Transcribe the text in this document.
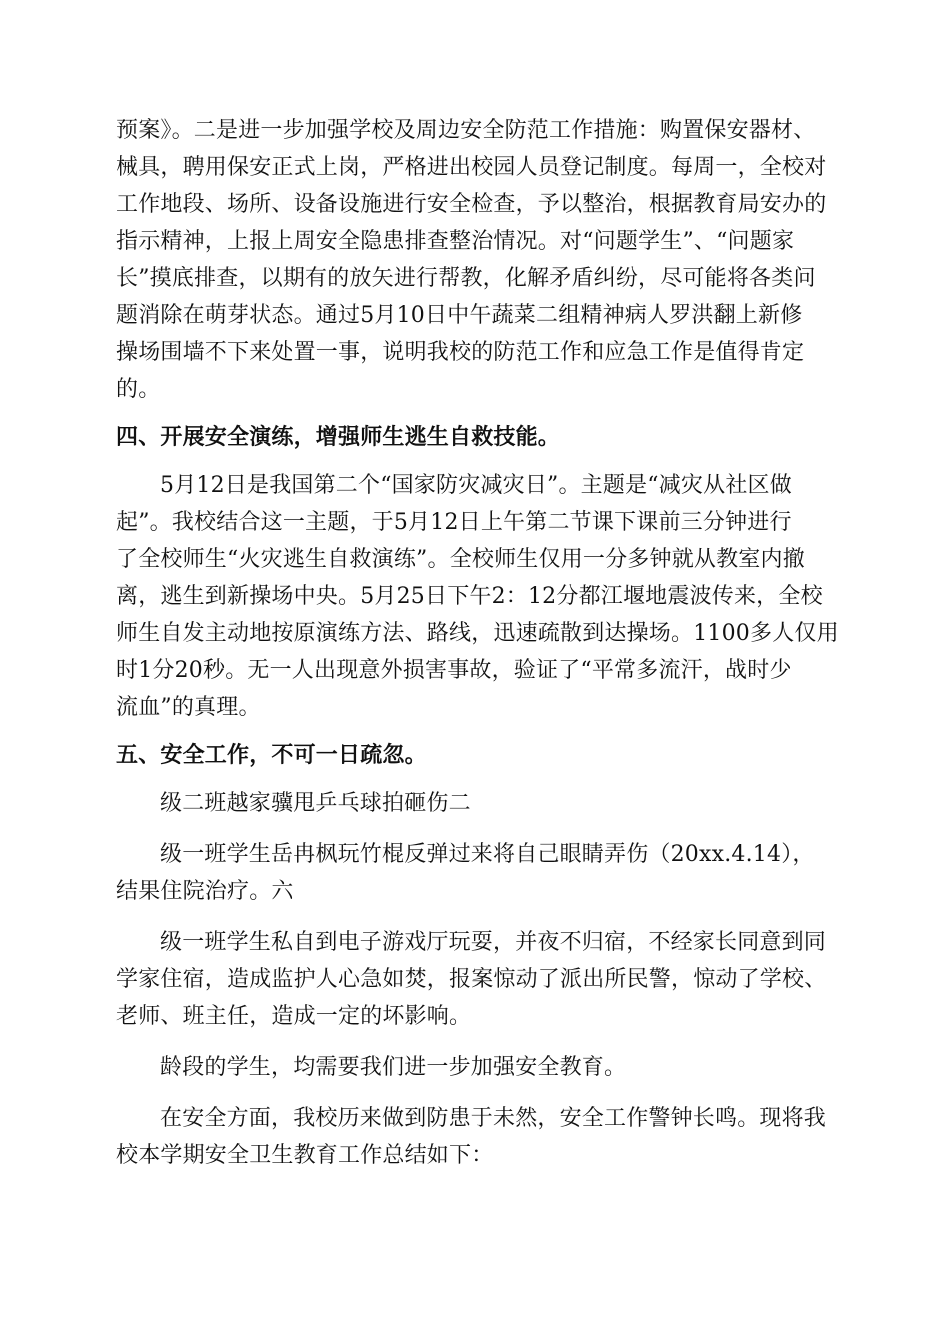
预案》。二是进一步加强学校及周边安全防范工作措施：购置保安器材、
械具，聘用保安正式上岗，严格进出校园人员登记制度。每周一，全校对
工作地段、场所、设备设施进行安全检查，予以整治，根据教育局安办的
指示精神，上报上周安全隐患排查整治情况。对“问题学生”、“问题家
长”摸底排查，以期有的放矢进行帮教，化解矛盾纠纷，尽可能将各类问
题消除在萌芽状态。通过5月10日中午蔬菜二组精神病人罗洪翻上新修
操场围墙不下来处置一事，说明我校的防范工作和应急工作是值得肯定
的。
四、开展安全演练，增强师生逃生自救技能。
5月12日是我国第二个“国家防灾减灾日”。主题是“减灾从社区做
起”。我校结合这一主题，于5月12日上午第二节课下课前三分钟进行
了全校师生“火灾逃生自救演练”。全校师生仅用一分多钟就从教室内撤
离，逃生到新操场中央。5月25日下午2：12分都江堰地震波传来，全校
师生自发主动地按原演练方法、路线，迅速疏散到达操场。1100多人仅用
时1分20秒。无一人出现意外损害事故，验证了“平常多流汗，战时少
流血”的真理。
五、安全工作，不可一日疏忽。
级二班越家骥甩乒乓球拍砸伤二
级一班学生岳冉枫玩竹棍反弹过来将自己眼睛弄伤（20xx.4.14），
结果住院治疗。六
级一班学生私自到电子游戏厅玩耍，并夜不归宿，不经家长同意到同
学家住宿，造成监护人心急如焚，报案惊动了派出所民警，惊动了学校、
老师、班主任，造成一定的坏影响。
龄段的学生，均需要我们进一步加强安全教育。
在安全方面，我校历来做到防患于未然，安全工作警钟长鸣。现将我
校本学期安全卫生教育工作总结如下：
